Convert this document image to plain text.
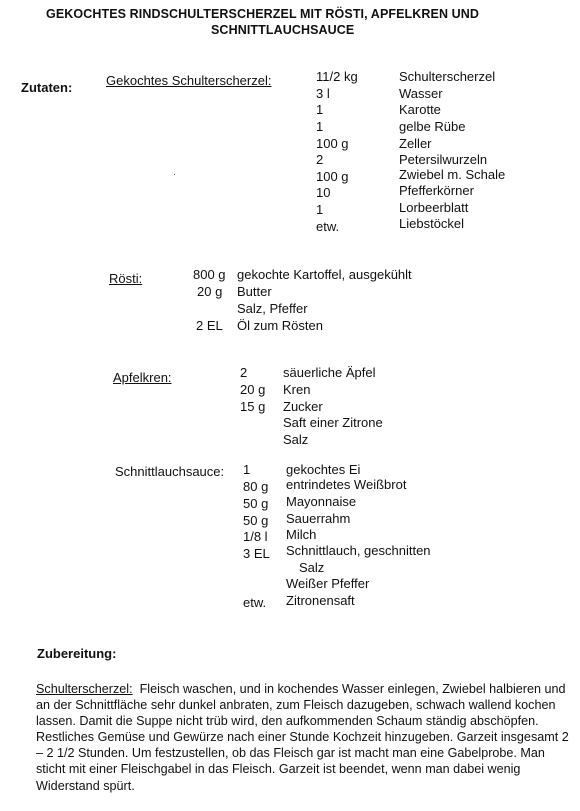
GEKOCHTES RINDSCHULTERSCHERZEL MIT RÖSTI, APFELKREN UND
SCHNITTLAUCHSAUCE
Zutaten:	Gekochtes Schulterscherzel:	11/2 kg	Schulterscherzel
3 l	Wasser
1	Karotte
1	gelbe Rübe
100 g	Zeller
2	Petersilwurzeln
100 g	Zwiebel m. Schale
10	Pfefferkörner
1	Lorbeerblatt
etw.	Liebstöckel
Rösti:	800 g gekochte Kartoffel, ausgekühlt
20 g Butter
Salz, Pfeffer
2 EL Öl zum Rösten
Apfelkren:	2	säuerliche Äpfel
20 g Kren
15 g Zucker
Saft einer Zitrone
Salz
Schnittlauchsauce: 1	gekochtes Ei
80 g entrindetes Weißbrot
50 g Mayonnaise
50 g Sauerrahm
1/8 l Milch
3 EL Schnittlauch, geschnitten
Salz
Weißer Pfeffer
etw. Zitronensaft
Zubereitung:
Schulterscherzel: Fleisch waschen, und in kochendes Wasser einlegen, Zwiebel halbieren und an der Schnittfläche sehr dunkel anbraten, zum Fleisch dazugeben, schwach wallend kochen lassen. Damit die Suppe nicht trüb wird, den aufkommenden Schaum ständig abschöpfen. Restliches Gemüse und Gewürze nach einer Stunde Kochzeit hinzugeben. Garzeit insgesamt 2 – 2 1/2 Stunden. Um festzustellen, ob das Fleisch gar ist macht man eine Gabelprobe. Man sticht mit einer Fleischgabel in das Fleisch. Garzeit ist beendet, wenn man dabei wenig Widerstand spürt.
